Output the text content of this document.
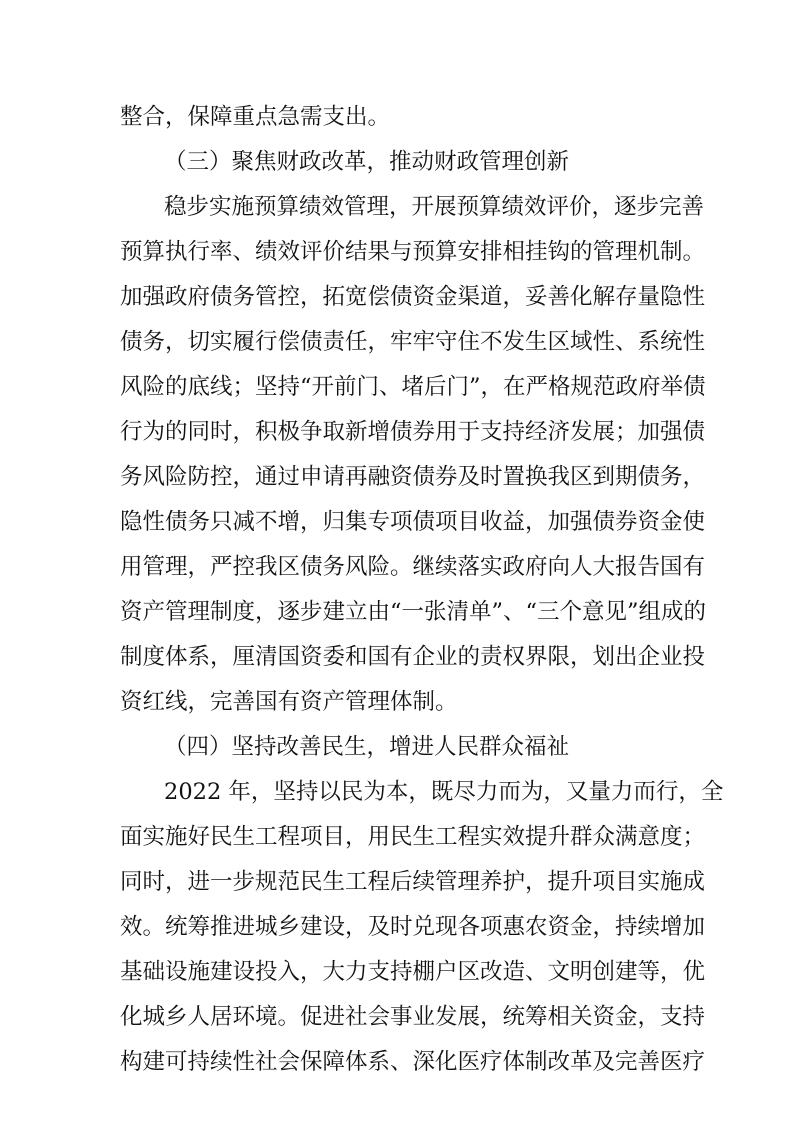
整合，保障重点急需支出。
（三）聚焦财政改革，推动财政管理创新
稳步实施预算绩效管理，开展预算绩效评价，逐步完善
预算执行率、绩效评价结果与预算安排相挂钩的管理机制。
加强政府债务管控，拓宽偿债资金渠道，妥善化解存量隐性
债务，切实履行偿债责任，牢牢守住不发生区域性、系统性
风险的底线；坚持“开前门、堵后门”，在严格规范政府举债
行为的同时，积极争取新增债券用于支持经济发展；加强债
务风险防控，通过申请再融资债券及时置换我区到期债务，
隐性债务只减不增，归集专项债项目收益，加强债券资金使
用管理，严控我区债务风险。继续落实政府向人大报告国有
资产管理制度，逐步建立由“一张清单”、“三个意见”组成的
制度体系，厘清国资委和国有企业的责权界限，划出企业投
资红线，完善国有资产管理体制。
（四）坚持改善民生，增进人民群众福祉
2022 年，坚持以民为本，既尽力而为，又量力而行，全
面实施好民生工程项目，用民生工程实效提升群众满意度；
同时，进一步规范民生工程后续管理养护，提升项目实施成
效。统筹推进城乡建设，及时兑现各项惠农资金，持续增加
基础设施建设投入，大力支持棚户区改造、文明创建等，优
化城乡人居环境。促进社会事业发展，统筹相关资金，支持
构建可持续性社会保障体系、深化医疗体制改革及完善医疗
